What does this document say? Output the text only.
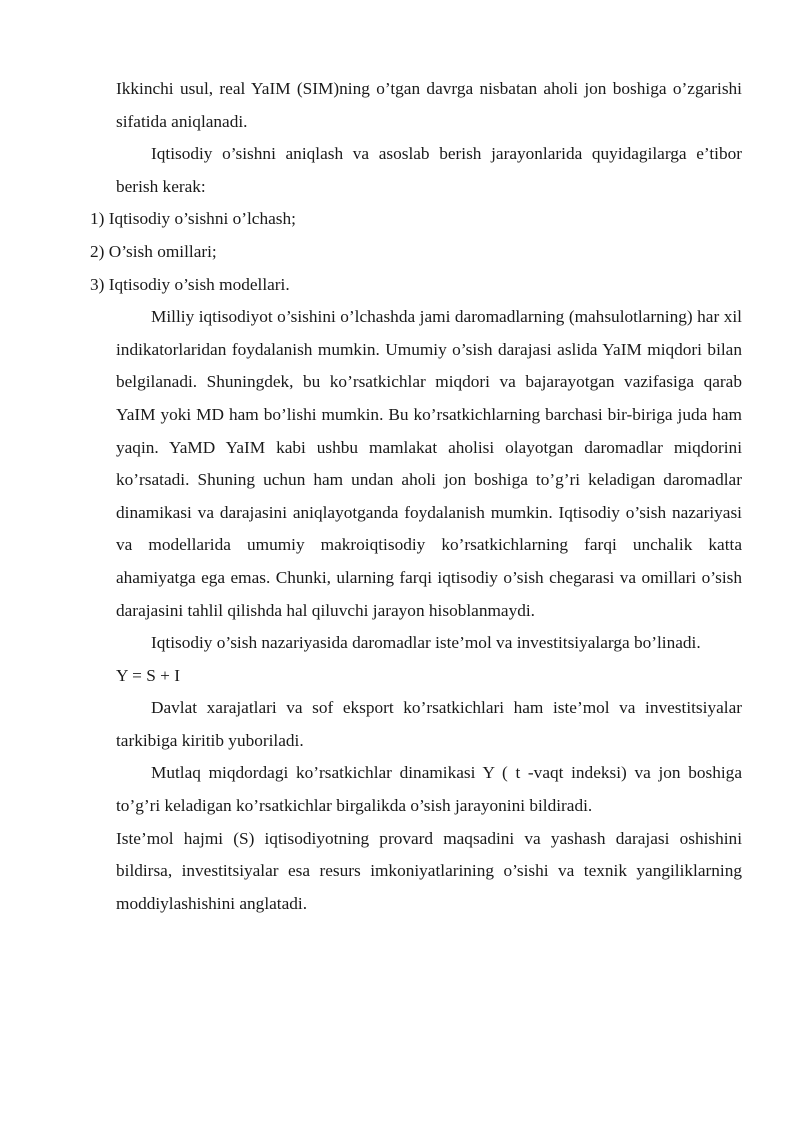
Ikkinchi usul, real YaIM (SIM)ning o’tgan davrga nisbatan aholi jon boshiga o’zgarishi sifatida aniqlanadi.

Iqtisodiy o’sishni aniqlash va asoslab berish jarayonlarida quyidagilarga e’tibor berish kerak:

1) Iqtisodiy o’sishni o’lchash;

2) O’sish omillari;

3) Iqtisodiy o’sish modellari.

Milliy iqtisodiyot o’sishini o’lchashda jami daromadlarning (mahsulotlarning) har xil indikatorlaridan foydalanish mumkin. Umumiy o’sish darajasi aslida YaIM miqdori bilan belgilanadi. Shuningdek, bu ko’rsatkichlar miqdori va bajarayotgan vazifasiga qarab YaIM yoki MD ham bo’lishi mumkin. Bu ko’rsatkichlarning barchasi bir-biriga juda ham yaqin. YaMD YaIM kabi ushbu mamlakat aholisi olayotgan daromadlar miqdorini ko’rsatadi. Shuning uchun ham undan aholi jon boshiga to’g’ri keladigan daromadlar dinamikasi va darajasini aniqlayotganda foydalanish mumkin. Iqtisodiy o’sish nazariyasi va modellarida umumiy makroiqtisodiy ko’rsatkichlarning farqi unchalik katta ahamiyatga ega emas. Chunki, ularning farqi iqtisodiy o’sish chegarasi va omillari o’sish darajasini tahlil qilishda hal qiluvchi jarayon hisoblanmaydi.

Iqtisodiy o’sish nazariyasida daromadlar iste’mol va investitsiyalarga bo’linadi.

Y = S + I

Davlat xarajatlari va sof eksport ko’rsatkichlari ham iste’mol va investitsiyalar tarkibiga kiritib yuboriladi.

Mutlaq miqdordagi ko’rsatkichlar dinamikasi Y ( t -vaqt indeksi) va jon boshiga to’g’ri keladigan ko’rsatkichlar birgalikda o’sish jarayonini bildiradi.

Iste’mol hajmi (S) iqtisodiyotning provard maqsadini va yashash darajasi oshishini bildirsa, investitsiyalar esa resurs imkoniyatlarining o’sishi va texnik yangiliklarning moddiylashishini anglatadi.
